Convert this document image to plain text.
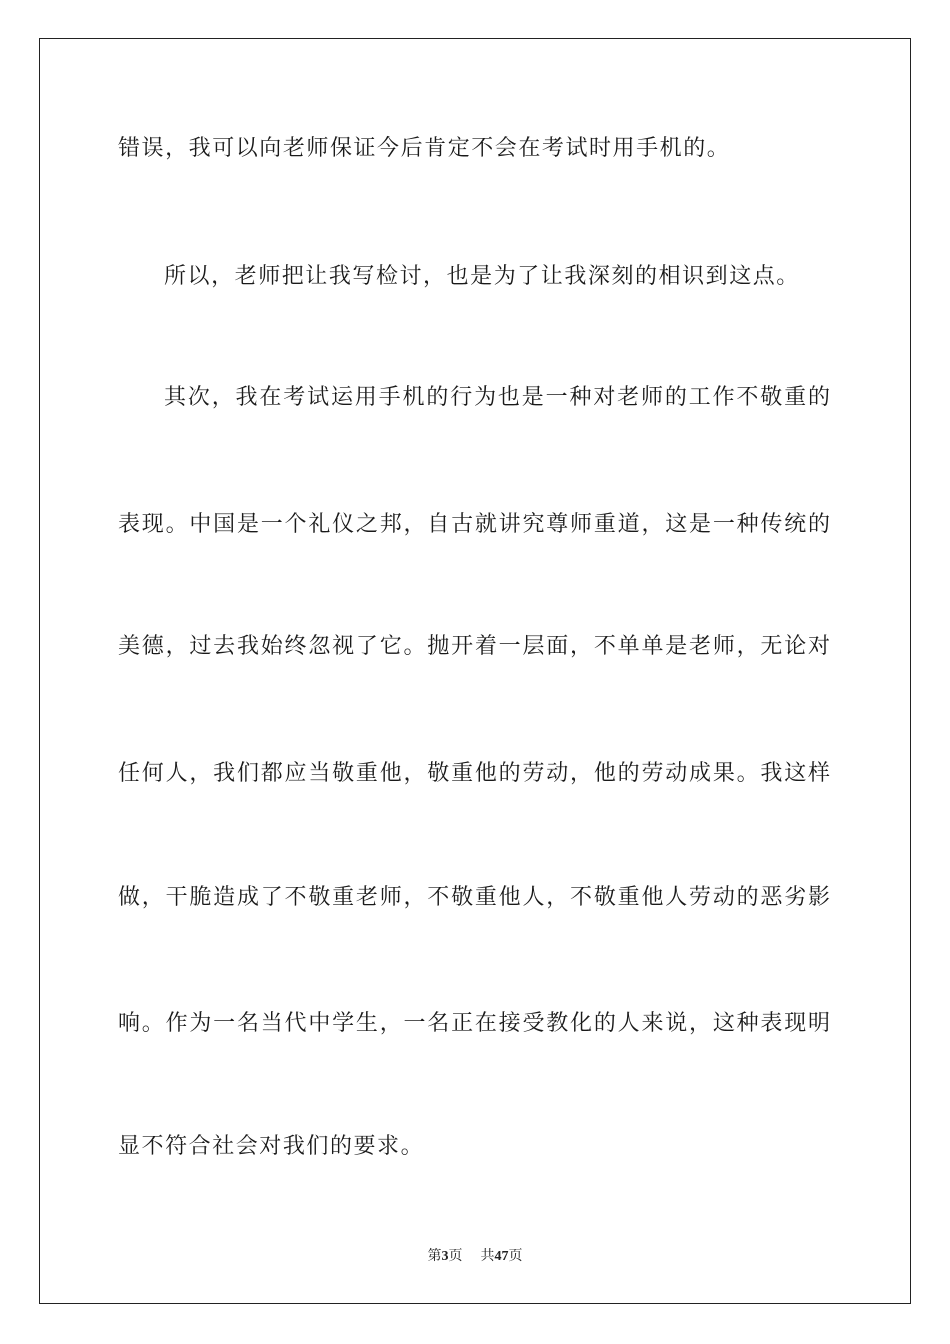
错误，我可以向老师保证今后肯定不会在考试时用手机的。
所以，老师把让我写检讨，也是为了让我深刻的相识到这点。
其次，我在考试运用手机的行为也是一种对老师的工作不敬重的
表现。中国是一个礼仪之邦，自古就讲究尊师重道，这是一种传统的
美德，过去我始终忽视了它。抛开着一层面，不单单是老师，无论对
任何人，我们都应当敬重他，敬重他的劳动，他的劳动成果。我这样
做，干脆造成了不敬重老师，不敬重他人，不敬重他人劳动的恶劣影
响。作为一名当代中学生，一名正在接受教化的人来说，这种表现明
显不符合社会对我们的要求。
第3页 共47页
